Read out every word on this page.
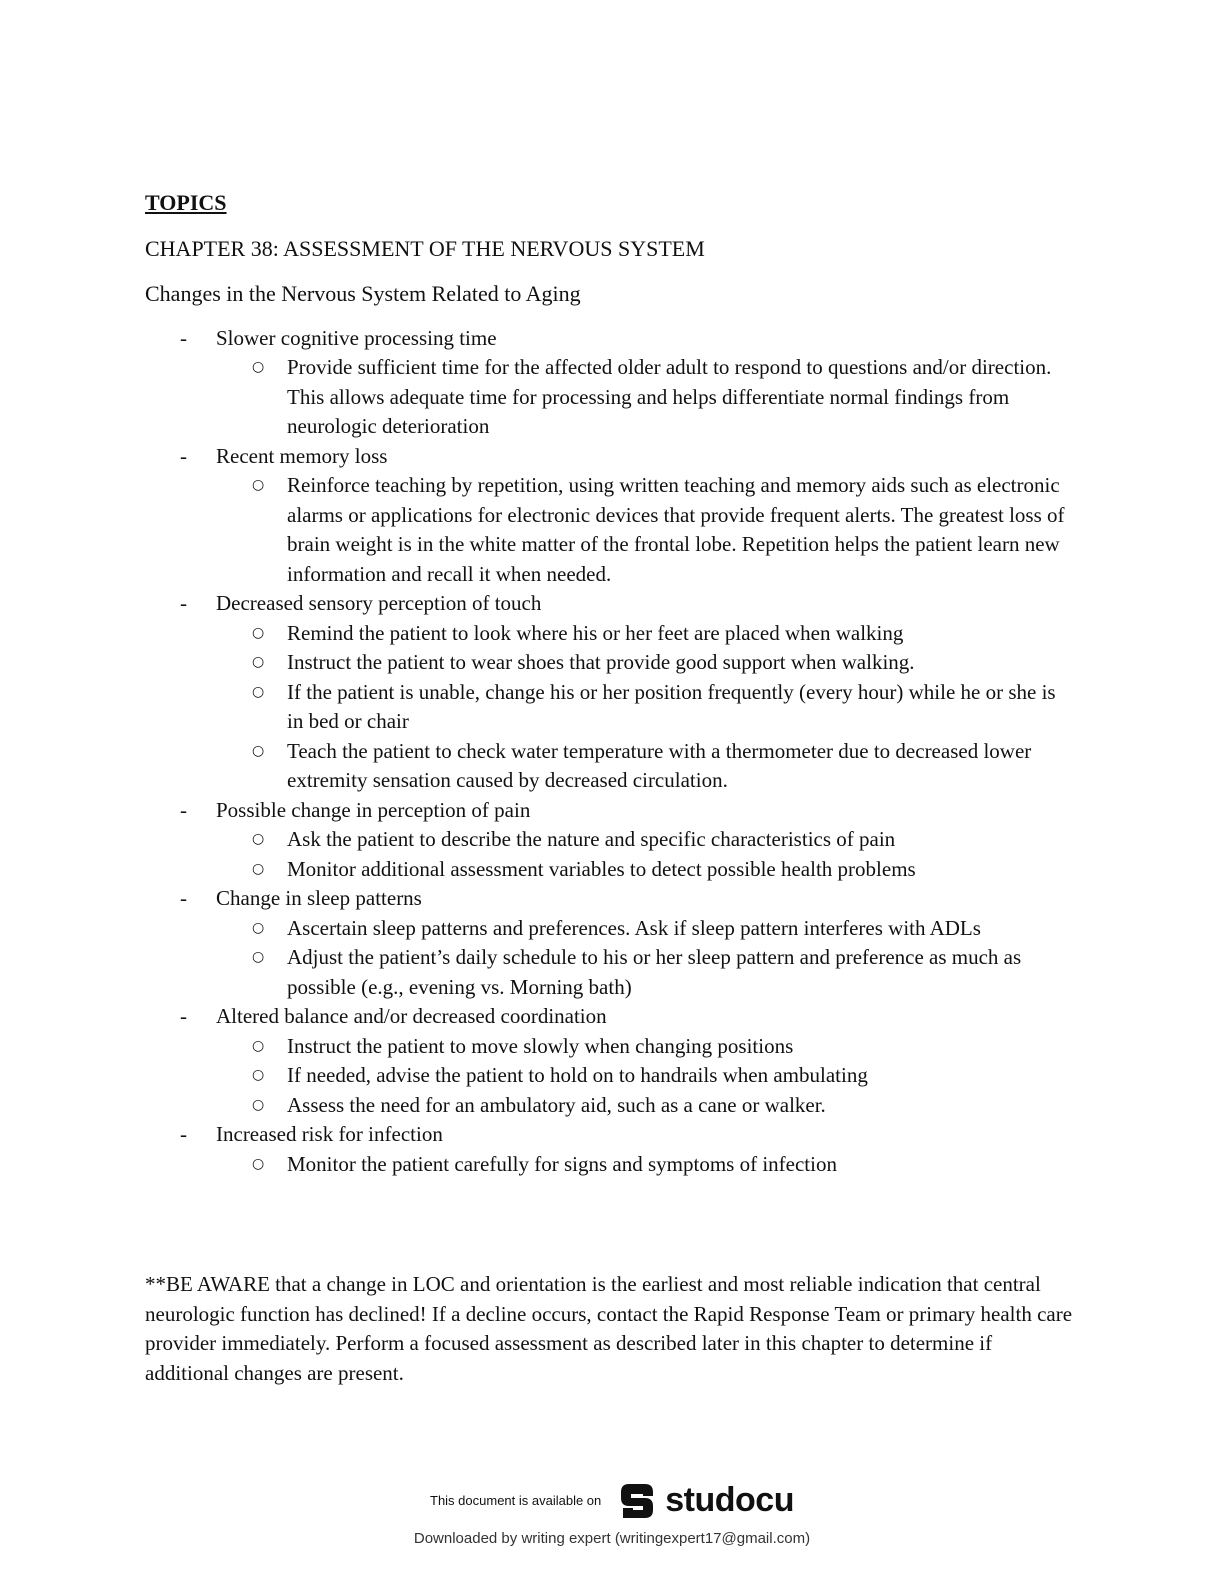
TOPICS
CHAPTER 38: ASSESSMENT OF THE NERVOUS SYSTEM
Changes in the Nervous System Related to Aging
- Slower cognitive processing time
○ Provide sufficient time for the affected older adult to respond to questions and/or direction. This allows adequate time for processing and helps differentiate normal findings from neurologic deterioration
- Recent memory loss
○ Reinforce teaching by repetition, using written teaching and memory aids such as electronic alarms or applications for electronic devices that provide frequent alerts. The greatest loss of brain weight is in the white matter of the frontal lobe. Repetition helps the patient learn new information and recall it when needed.
- Decreased sensory perception of touch
○ Remind the patient to look where his or her feet are placed when walking
○ Instruct the patient to wear shoes that provide good support when walking.
○ If the patient is unable, change his or her position frequently (every hour) while he or she is in bed or chair
○ Teach the patient to check water temperature with a thermometer due to decreased lower extremity sensation caused by decreased circulation.
- Possible change in perception of pain
○ Ask the patient to describe the nature and specific characteristics of pain
○ Monitor additional assessment variables to detect possible health problems
- Change in sleep patterns
○ Ascertain sleep patterns and preferences. Ask if sleep pattern interferes with ADLs
○ Adjust the patient’s daily schedule to his or her sleep pattern and preference as much as possible (e.g., evening vs. Morning bath)
- Altered balance and/or decreased coordination
○ Instruct the patient to move slowly when changing positions
○ If needed, advise the patient to hold on to handrails when ambulating
○ Assess the need for an ambulatory aid, such as a cane or walker.
- Increased risk for infection
○ Monitor the patient carefully for signs and symptoms of infection
**BE AWARE that a change in LOC and orientation is the earliest and most reliable indication that central neurologic function has declined! If a decline occurs, contact the Rapid Response Team or primary health care provider immediately. Perform a focused assessment as described later in this chapter to determine if additional changes are present.
This document is available on studocu
Downloaded by writing expert (writingexpert17@gmail.com)
